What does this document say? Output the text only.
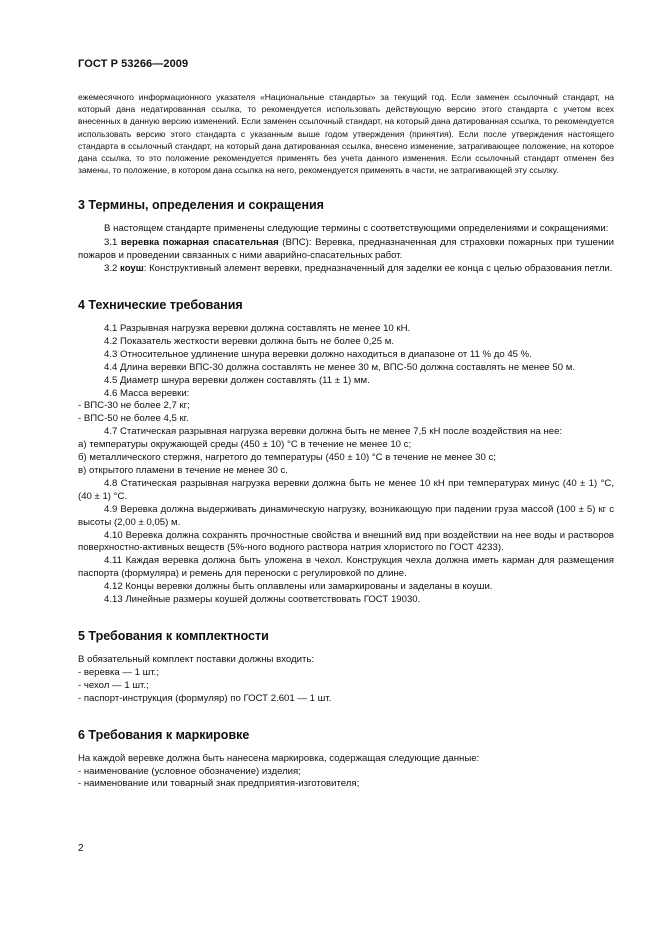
ГОСТ Р 53266—2009

ежемесячного информационного указателя «Национальные стандарты» за текущий год. Если заменен ссылочный стандарт, на который дана недатированная ссылка, то рекомендуется использовать действующую версию этого стандарта с учетом всех внесенных в данную версию изменений. Если заменен ссылочный стандарт, на который дана датированная ссылка, то рекомендуется использовать версию этого стандарта с указанным выше годом утверждения (принятия). Если после утверждения настоящего стандарта в ссылочный стандарт, на который дана датированная ссылка, внесено изменение, затрагивающее положение, на которое дана ссылка, то это положение рекомендуется применять без учета данного изменения. Если ссылочный стандарт отменен без замены, то положение, в котором дана ссылка на него, рекомендуется применять в части, не затрагивающей эту ссылку.

3 Термины, определения и сокращения

В настоящем стандарте применены следующие термины с соответствующими определениями и сокращениями:

3.1 веревка пожарная спасательная (ВПС): Веревка, предназначенная для страховки пожарных при тушении пожаров и проведении связанных с ними аварийно-спасательных работ.

3.2 коуш: Конструктивный элемент веревки, предназначенный для заделки ее конца с целью образования петли.

4 Технические требования

4.1 Разрывная нагрузка веревки должна составлять не менее 10 кН.

4.2 Показатель жесткости веревки должна быть не более 0,25 м.

4.3 Относительное удлинение шнура веревки должно находиться в диапазоне от 11 % до 45 %.

4.4 Длина веревки ВПС-30 должна составлять не менее 30 м, ВПС-50 должна составлять не менее 50 м.

4.5 Диаметр шнура веревки должен составлять (11 ± 1) мм.

4.6 Масса веревки:

- ВПС-30 не более 2,7 кг;

- ВПС-50 не более 4,5 кг.

4.7 Статическая разрывная нагрузка веревки должна быть не менее 7,5 кН после воздействия на нее:

а) температуры окружающей среды (450 ± 10) °С в течение не менее 10 с;

б) металлического стержня, нагретого до температуры (450 ± 10) °С в течение не менее 30 с;

в) открытого пламени в течение не менее 30 с.

4.8 Статическая разрывная нагрузка веревки должна быть не менее 10 кН при температурах минус (40 ± 1) °С, (40 ± 1) °С.

4.9 Веревка должна выдерживать динамическую нагрузку, возникающую при падении груза массой (100 ± 5) кг с высоты (2,00 ± 0,05) м.

4.10 Веревка должна сохранять прочностные свойства и внешний вид при воздействии на нее воды и растворов поверхностно-активных веществ (5%-ного водного раствора натрия хлористого по ГОСТ 4233).

4.11 Каждая веревка должна быть уложена в чехол. Конструкция чехла должна иметь карман для размещения паспорта (формуляра) и ремень для переноски с регулировкой по длине.

4.12 Концы веревки должны быть оплавлены или замаркированы и заделаны в коуши.

4.13 Линейные размеры коушей должны соответствовать ГОСТ 19030.

5 Требования к комплектности

В обязательный комплект поставки должны входить:

- веревка — 1 шт.;

- чехол — 1 шт.;

- паспорт-инструкция (формуляр) по ГОСТ 2.601 — 1 шт.

6 Требования к маркировке

На каждой веревке должна быть нанесена маркировка, содержащая следующие данные:

- наименование (условное обозначение) изделия;

- наименование или товарный знак предприятия-изготовителя;

2
